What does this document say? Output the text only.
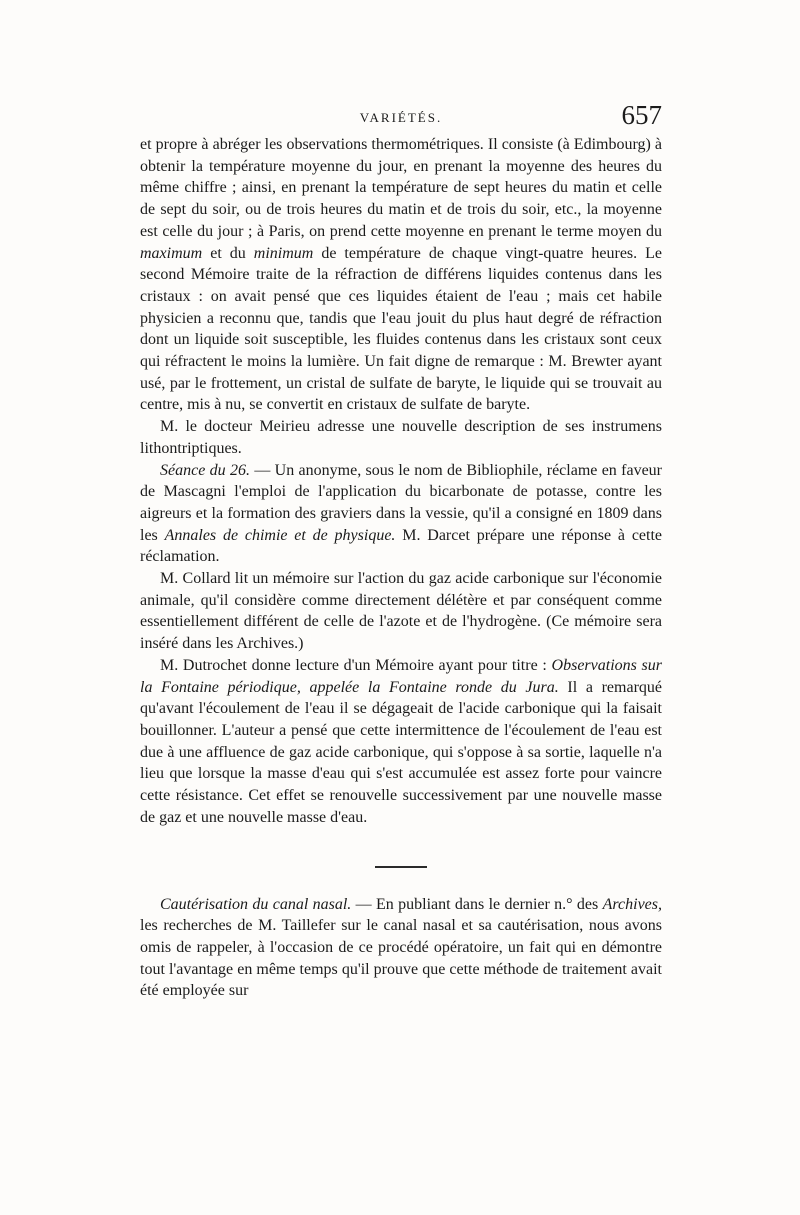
VARIÉTÉS.	657

et propre à abréger les observations thermométriques. Il consiste (à Edimbourg) à obtenir la température moyenne du jour, en prenant la moyenne des heures du même chiffre ; ainsi, en prenant la température de sept heures du matin et celle de sept du soir, ou de trois heures du matin et de trois du soir, etc., la moyenne est celle du jour ; à Paris, on prend cette moyenne en prenant le terme moyen du maximum et du minimum de température de chaque vingt-quatre heures. Le second Mémoire traite de la réfraction de différens liquides contenus dans les cristaux : on avait pensé que ces liquides étaient de l'eau ; mais cet habile physicien a reconnu que, tandis que l'eau jouit du plus haut degré de réfraction dont un liquide soit susceptible, les fluides contenus dans les cristaux sont ceux qui réfractent le moins la lumière. Un fait digne de remarque : M. Brewter ayant usé, par le frottement, un cristal de sulfate de baryte, le liquide qui se trouvait au centre, mis à nu, se convertit en cristaux de sulfate de baryte.

M. le docteur Meirieu adresse une nouvelle description de ses instrumens lithontriptiques.

Séance du 26. — Un anonyme, sous le nom de Bibliophile, réclame en faveur de Mascagni l'emploi de l'application du bicarbonate de potasse, contre les aigreurs et la formation des graviers dans la vessie, qu'il a consigné en 1809 dans les Annales de chimie et de physique. M. Darcet prépare une réponse à cette réclamation.

M. Collard lit un mémoire sur l'action du gaz acide carbonique sur l'économie animale, qu'il considère comme directement délétère et par conséquent comme essentiellement différent de celle de l'azote et de l'hydrogène. (Ce mémoire sera inséré dans les Archives.)

M. Dutrochet donne lecture d'un Mémoire ayant pour titre : Observations sur la Fontaine périodique, appelée la Fontaine ronde du Jura. Il a remarqué qu'avant l'écoulement de l'eau il se dégageait de l'acide carbonique qui la faisait bouillonner. L'auteur a pensé que cette intermittence de l'écoulement de l'eau est due à une affluence de gaz acide carbonique, qui s'oppose à sa sortie, laquelle n'a lieu que lorsque la masse d'eau qui s'est accumulée est assez forte pour vaincre cette résistance. Cet effet se renouvelle successivement par une nouvelle masse de gaz et une nouvelle masse d'eau.

Cautérisation du canal nasal. — En publiant dans le dernier n.° des Archives, les recherches de M. Taillefer sur le canal nasal et sa cautérisation, nous avons omis de rappeler, à l'occasion de ce procédé opératoire, un fait qui en démontre tout l'avantage en même temps qu'il prouve que cette méthode de traitement avait été employée sur
